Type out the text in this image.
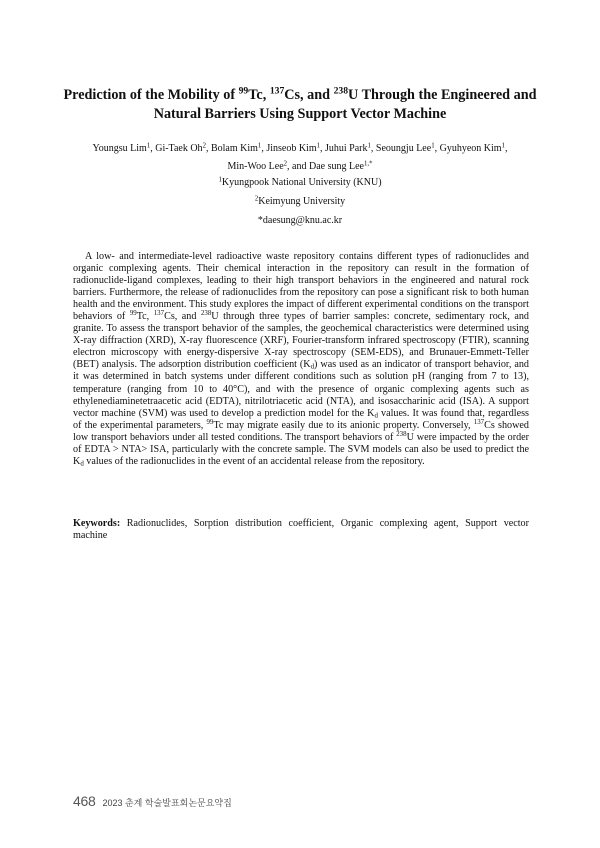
Prediction of the Mobility of $^{99}$Tc, $^{137}$Cs, and $^{238}$U Through the Engineered and
Natural Barriers Using Support Vector Machine
Youngsu Lim$^1$, Gi-Taek Oh$^2$, Bolam Kim$^1$, Jinseob Kim$^1$, Juhui Park$^1$, Seoungju Lee$^1$, Gyuhyeon Kim$^1$,
Min-Woo Lee$^2$, and Dae sung Lee$^{1,*}$
$^1$Kyungpook National University (KNU)
$^2$Keimyung University
*daesung@knu.ac.kr

A low- and intermediate-level radioactive waste repository contains different types of radionuclides and organic complexing agents. Their chemical interaction in the repository can result in the formation of radionuclide-ligand complexes, leading to their high transport behaviors in the engineered and natural rock barriers. Furthermore, the release of radionuclides from the repository can pose a significant risk to both human health and the environment. This study explores the impact of different experimental conditions on the transport behaviors of $^{99}$Tc, $^{137}$Cs, and $^{238}$U through three types of barrier samples: concrete, sedimentary rock, and granite. To assess the transport behavior of the samples, the geochemical characteristics were determined using X-ray diffraction (XRD), X-ray fluorescence (XRF), Fourier-transform infrared spectroscopy (FTIR), scanning electron microscopy with energy-dispersive X-ray spectroscopy (SEM-EDS), and Brunauer-Emmett-Teller (BET) analysis. The adsorption distribution coefficient $(K_d)$ was used as an indicator of transport behavior, and it was determined in batch systems under different conditions such as solution pH (ranging from 7 to 13), temperature (ranging from 10 to 40°C), and with the presence of organic complexing agents such as ethylenediaminetetraacetic acid (EDTA), nitrilotriacetic acid (NTA), and isosaccharinic acid (ISA). A support vector machine (SVM) was used to develop a prediction model for the $K_d$ values. It was found that, regardless of the experimental parameters, $^{99}$Tc may migrate easily due to its anionic property. Conversely, $^{137}$Cs showed low transport behaviors under all tested conditions. The transport behaviors of $^{238}$U were impacted by the order of EDTA > NTA> ISA, particularly with the concrete sample. The SVM models can also be used to predict the $K_d$ values of the radionuclides in the event of an accidental release from the repository.

Keywords: Radionuclides, Sorption distribution coefficient, Organic complexing agent, Support vector machine

468 2023 춘계 학술발표회논문요약집
